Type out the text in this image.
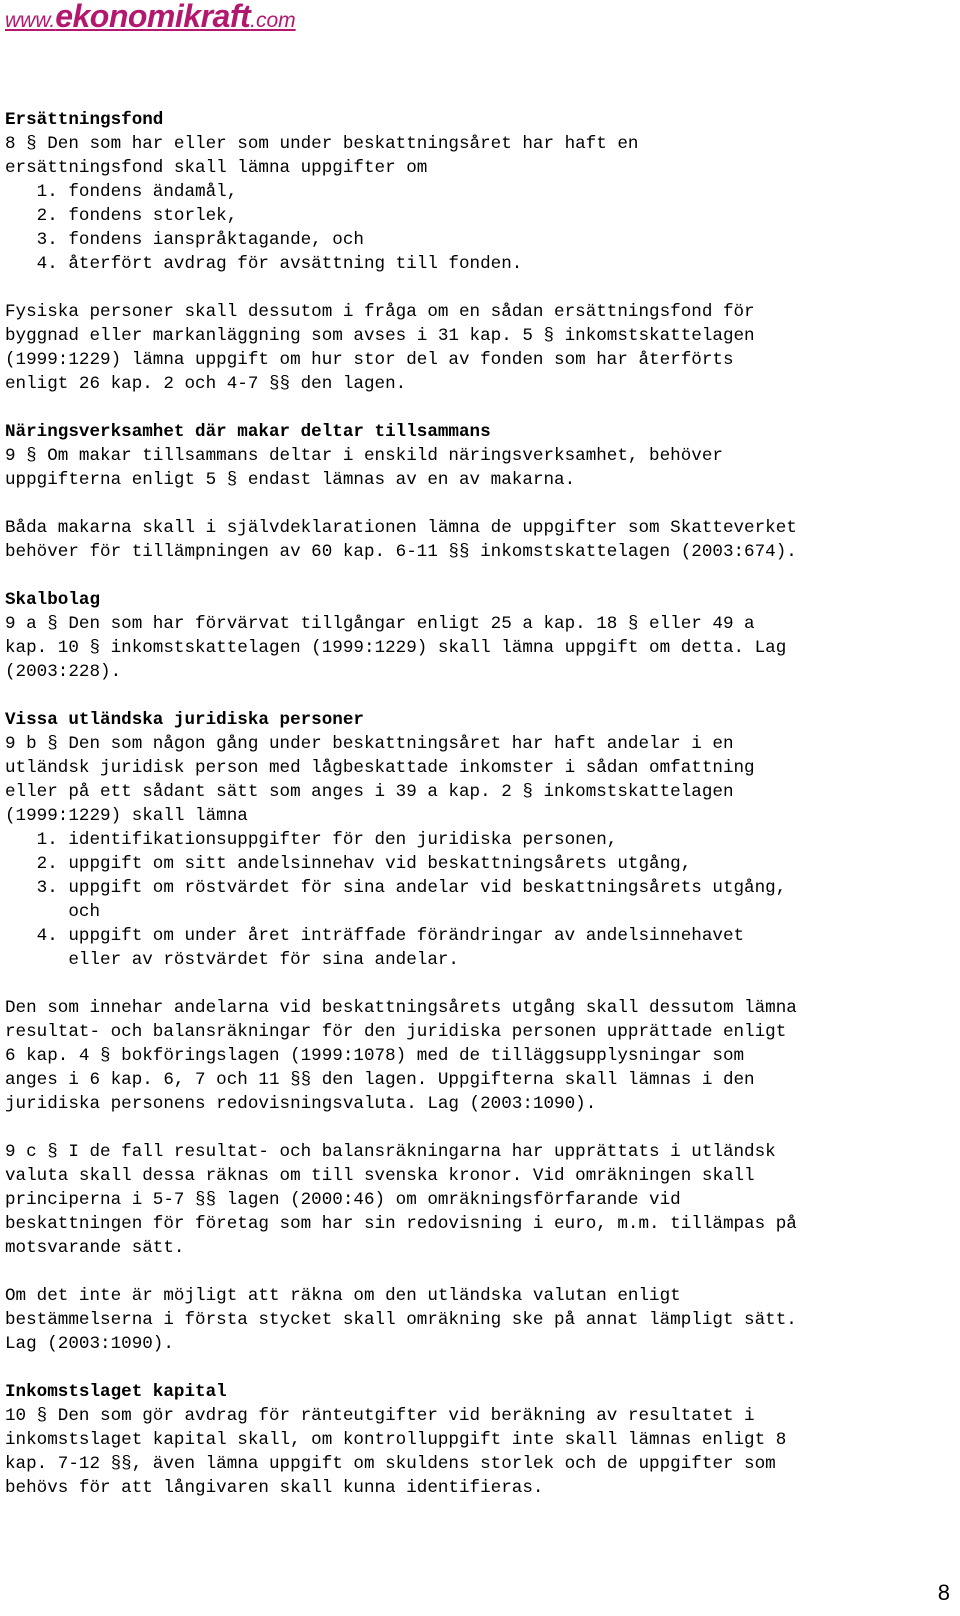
www.ekonomikraft.com
Ersättningsfond
8 § Den som har eller som under beskattningsåret har haft en
ersättningsfond skall lämna uppgifter om
1. fondens ändamål,
2. fondens storlek,
3. fondens ianspråktagande, och
4. återfört avdrag för avsättning till fonden.
Fysiska personer skall dessutom i fråga om en sådan ersättningsfond för
byggnad eller markanläggning som avses i 31 kap. 5 § inkomstskattelagen
(1999:1229) lämna uppgift om hur stor del av fonden som har återförts
enligt 26 kap. 2 och 4-7 §§ den lagen.
Näringsverksamhet där makar deltar tillsammans
9 § Om makar tillsammans deltar i enskild näringsverksamhet, behöver
uppgifterna enligt 5 § endast lämnas av en av makarna.
Båda makarna skall i självdeklarationen lämna de uppgifter som Skatteverket
behöver för tillämpningen av 60 kap. 6-11 §§ inkomstskattelagen (2003:674).
Skalbolag
9 a § Den som har förvärvat tillgångar enligt 25 a kap. 18 § eller 49 a
kap. 10 § inkomstskattelagen (1999:1229) skall lämna uppgift om detta. Lag
(2003:228).
Vissa utländska juridiska personer
9 b § Den som någon gång under beskattningsåret har haft andelar i en
utländsk juridisk person med lågbeskattade inkomster i sådan omfattning
eller på ett sådant sätt som anges i 39 a kap. 2 § inkomstskattelagen
(1999:1229) skall lämna
1. identifikationsuppgifter för den juridiska personen,
2. uppgift om sitt andelsinnehav vid beskattningsårets utgång,
3. uppgift om röstvärdet för sina andelar vid beskattningsårets utgång,
och
4. uppgift om under året inträffade förändringar av andelsinnehavet
eller av röstvärdet för sina andelar.
Den som innehar andelarna vid beskattningsårets utgång skall dessutom lämna
resultat- och balansräkningar för den juridiska personen upprättade enligt
6 kap. 4 § bokföringslagen (1999:1078) med de tilläggsupplysningar som
anges i 6 kap. 6, 7 och 11 §§ den lagen. Uppgifterna skall lämnas i den
juridiska personens redovisningsvaluta. Lag (2003:1090).
9 c § I de fall resultat- och balansräkningarna har upprättats i utländsk
valuta skall dessa räknas om till svenska kronor. Vid omräkningen skall
principerna i 5-7 §§ lagen (2000:46) om omräkningsförfarande vid
beskattningen för företag som har sin redovisning i euro, m.m. tillämpas på
motsvarande sätt.
Om det inte är möjligt att räkna om den utländska valutan enligt
bestämmelserna i första stycket skall omräkning ske på annat lämpligt sätt.
Lag (2003:1090).
Inkomstslaget kapital
10 § Den som gör avdrag för ränteutgifter vid beräkning av resultatet i
inkomstslaget kapital skall, om kontrolluppgift inte skall lämnas enligt 8
kap. 7-12 §§, även lämna uppgift om skuldens storlek och de uppgifter som
behövs för att långivaren skall kunna identifieras.
8
